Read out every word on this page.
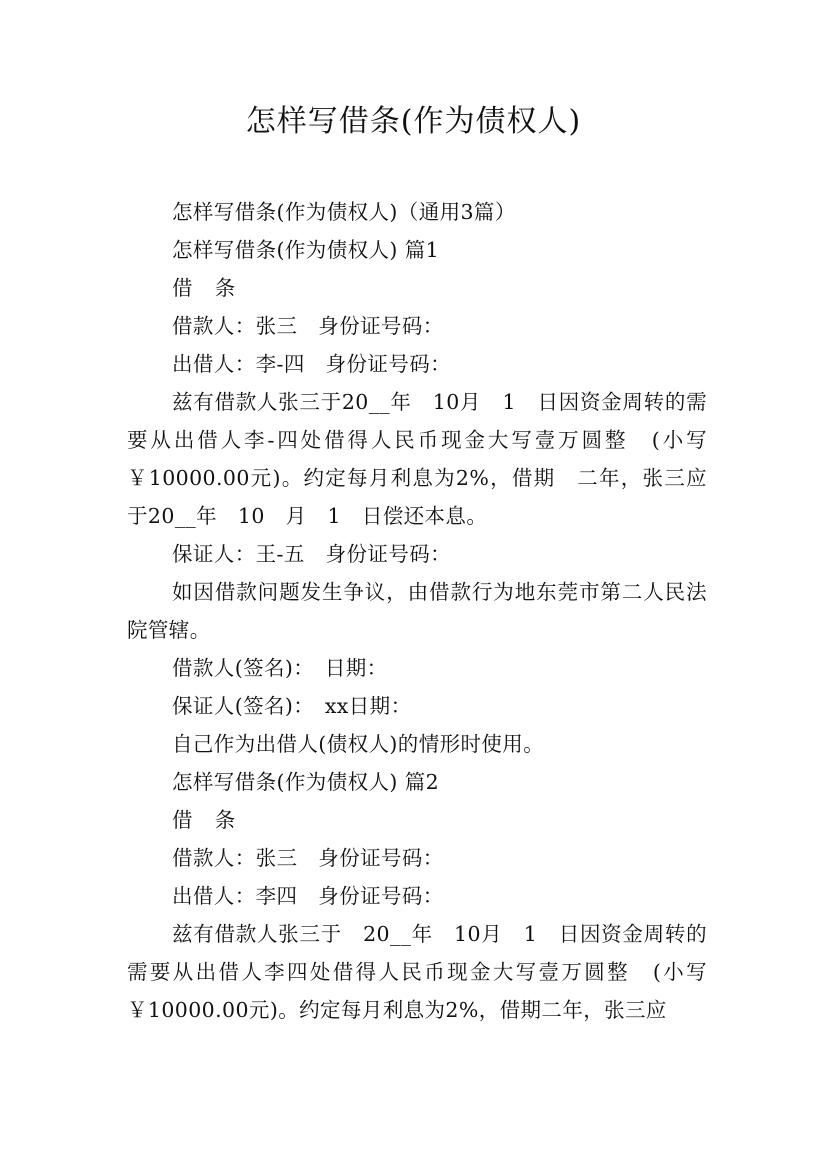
怎样写借条(作为债权人)

怎样写借条(作为债权人)（通用3篇）

怎样写借条(作为债权人) 篇1

借　条

借款人：张三　身份证号码：

出借人：李-四　身份证号码：

兹有借款人张三于20__年　10月　1　日因资金周转的需要从出借人李-四处借得人民币现金大写壹万圆整　(小写￥10000.00元)。约定每月利息为2%，借期　二年，张三应于20__年　10　月　1　日偿还本息。

保证人：王-五　身份证号码：

如因借款问题发生争议，由借款行为地东莞市第二人民法院管辖。

借款人(签名)：　日期：

保证人(签名)：　xx日期：

自己作为出借人(债权人)的情形时使用。

怎样写借条(作为债权人) 篇2

借　条

借款人：张三　身份证号码：

出借人：李四　身份证号码：

兹有借款人张三于　20__年　10月　1　日因资金周转的需要从出借人李四处借得人民币现金大写壹万圆整　(小写￥10000.00元)。约定每月利息为2%，借期二年，张三应
